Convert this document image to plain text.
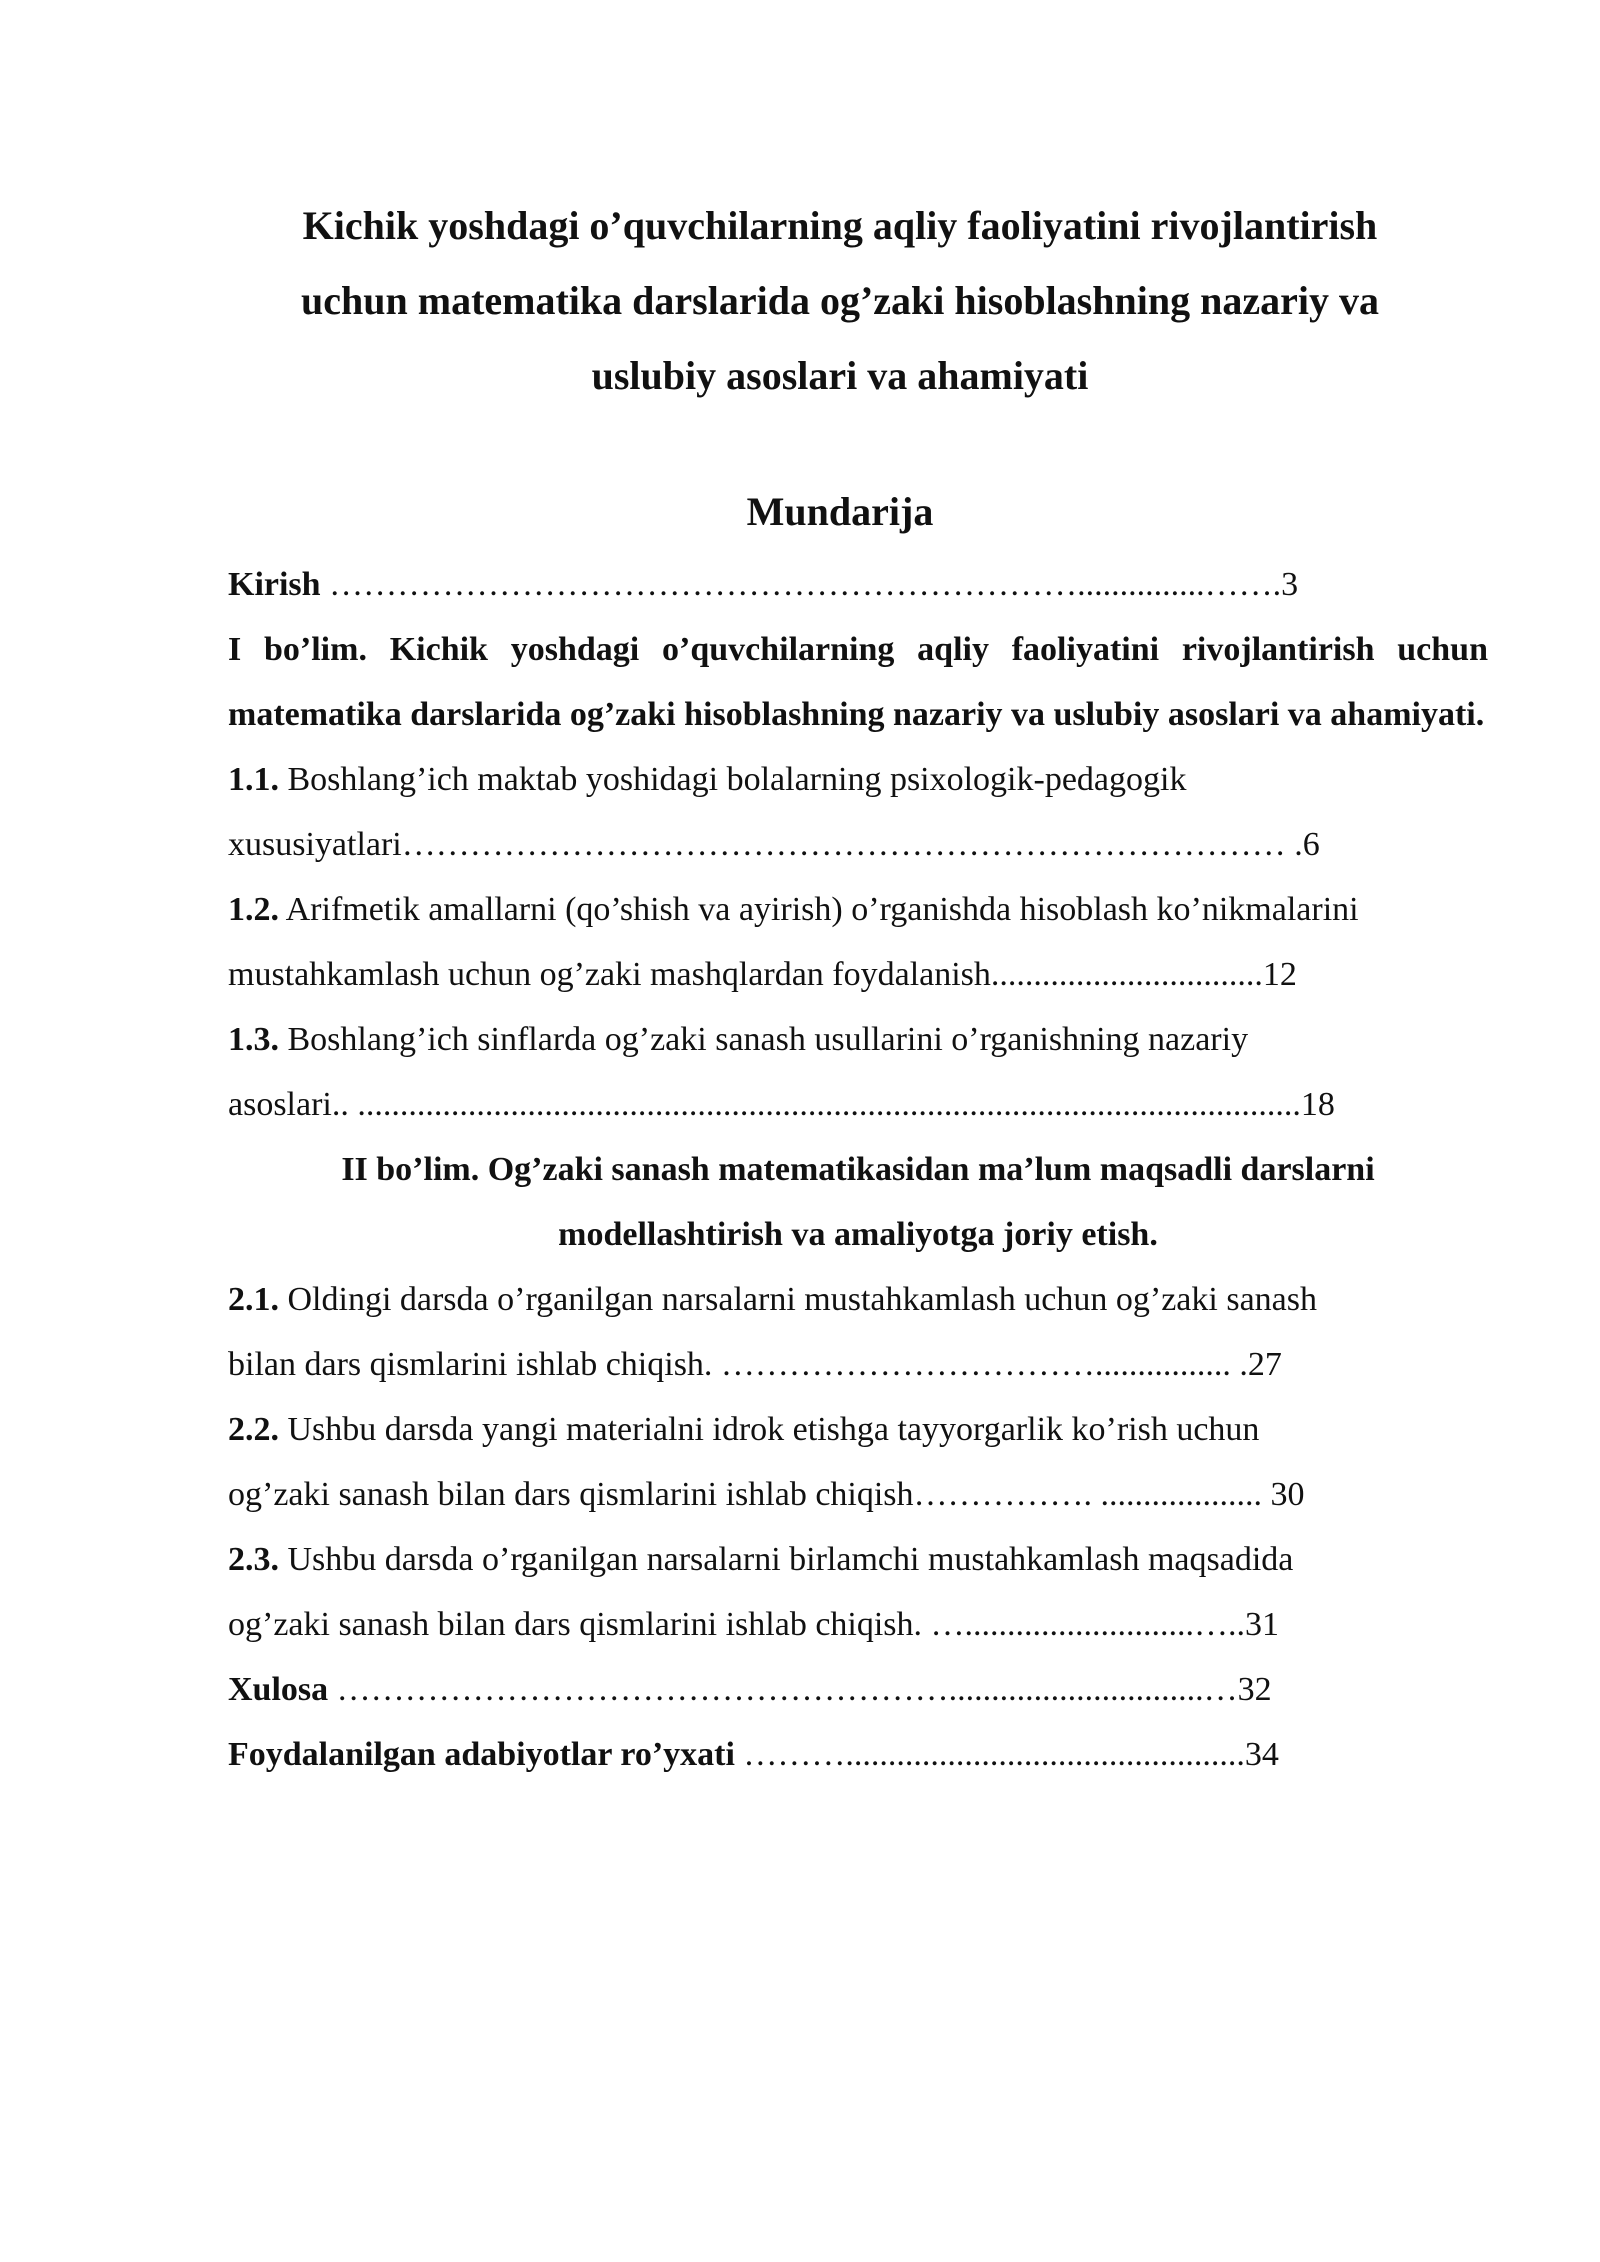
Kichik yoshdagi o’quvchilarning aqliy faoliyatini rivojlantirish
uchun matematika darslarida og’zaki hisoblashning nazariy va
uslubiy asoslari va ahamiyati
Mundarija

Kirish …………………………………………………………...............…….3

I bo’lim. Kichik yoshdagi o’quvchilarning aqliy faoliyatini rivojlantirish uchun matematika darslarida og’zaki hisoblashning nazariy va uslubiy asoslari va ahamiyati.

1.1. Boshlang’ich maktab yoshidagi bolalarning psixologik-pedagogik

xususiyatlari…………………………………………………………………… .6

1.2. Arifmetik amallarni (qo’shish va ayirish) o’rganishda hisoblash ko’nikmalarini

mustahkamlash uchun og’zaki mashqlardan foydalanish................................12

1.3. Boshlang’ich sinflarda og’zaki sanash usullarini o’rganishning nazariy

asoslari.. ...............................................................................................................18

II bo’lim. Og’zaki sanash matematikasidan ma’lum maqsadli darslarni
modellashtirish va amaliyotga joriy etish.

2.1. Oldingi darsda o’rganilgan narsalarni mustahkamlash uchun og’zaki sanash

bilan dars qismlarini ishlab chiqish. ……………………………................ .27

2.2. Ushbu darsda yangi materialni idrok etishga tayyorgarlik ko’rish uchun

og’zaki sanash bilan dars qismlarini ishlab chiqish……………. ................... 30

2.3. Ushbu darsda o’rganilgan narsalarni birlamchi mustahkamlash maqsadida

og’zaki sanash bilan dars qismlarini ishlab chiqish. …...........................…..31

Xulosa ………………………………………………..............................…32

Foydalanilgan adabiyotlar ro’yxati ………...............................................34
